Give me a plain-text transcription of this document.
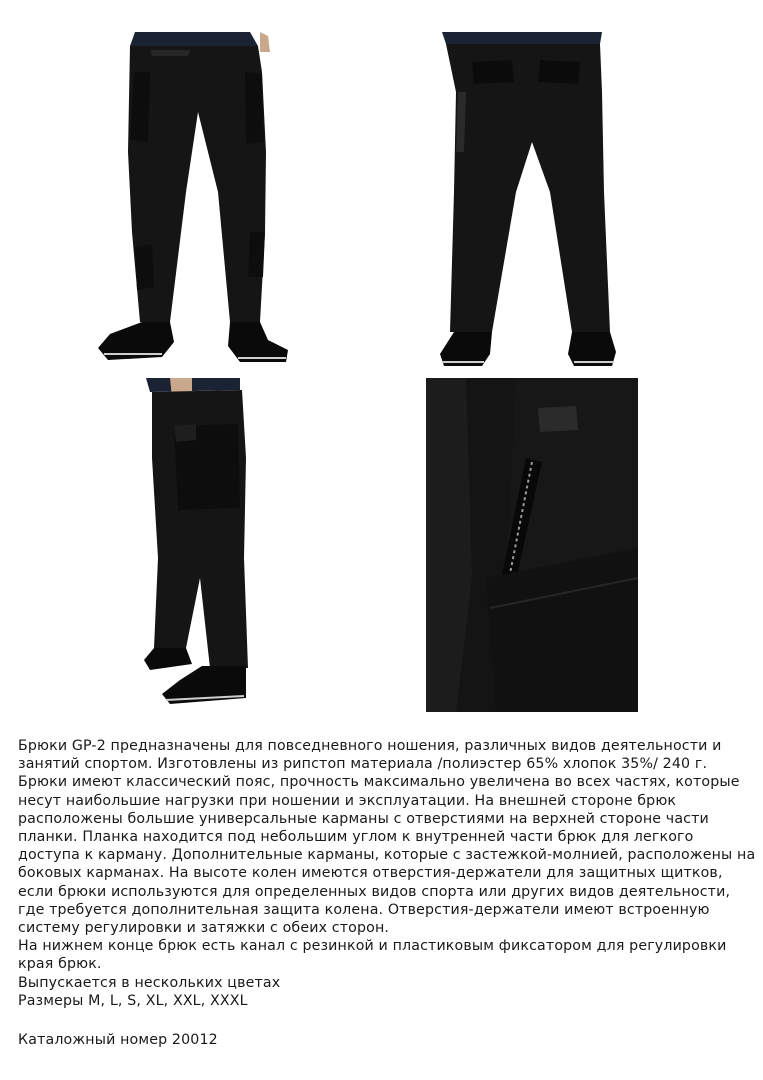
Брюки GP-2 предназначены для повседневного ношения, различных видов деятельности и

занятий спортом. Изготовлены из рипстоп материала /полиэстер 65% хлопок 35%/ 240 г.

Брюки имеют классический пояс, прочность максимально увеличена во всех частях, которые

несут наибольшие нагрузки при ношении и эксплуатации. На внешней стороне брюк

расположены большие универсальные карманы с отверстиями на верхней стороне части

планки. Планка находится под небольшим углом к внутренней части брюк для легкого

доступа к карману. Дополнительные карманы, которые с застежкой-молнией, расположены на

боковых карманах. На высоте колен имеются отверстия-держатели для защитных щитков,

если брюки используются для определенных видов спорта или других видов деятельности,

где требуется дополнительная защита колена. Отверстия-держатели имеют встроенную

систему регулировки и затяжки с обеих сторон.

На нижнем конце брюк есть канал с резинкой и пластиковым фиксатором для регулировки

края брюк.

Выпускается в нескольких цветах

Размеры M, L, S, XL, XXL, XXXL

Каталожный номер 20012
